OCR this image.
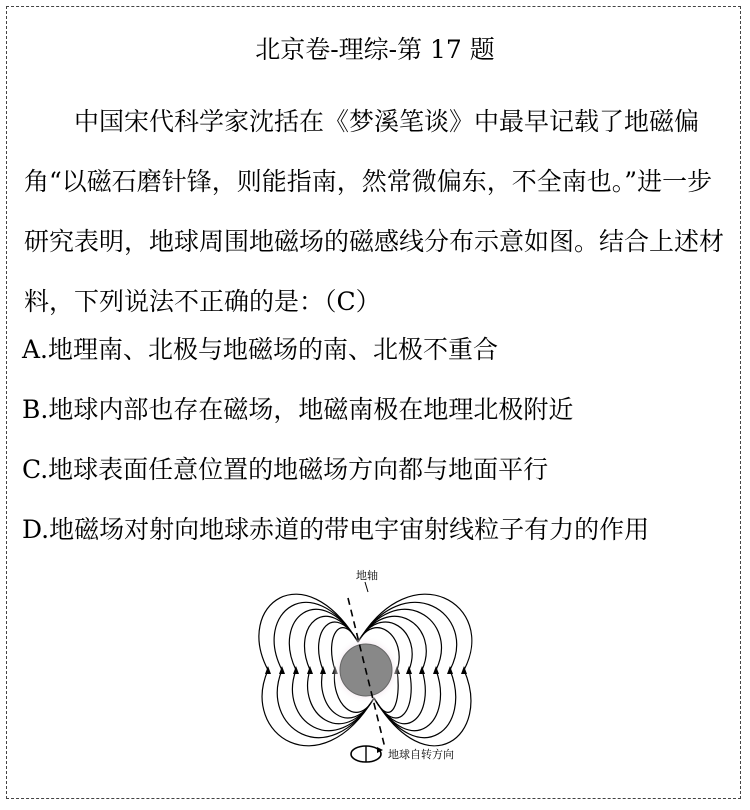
北京卷-理综-第 17 题
中国宋代科学家沈括在《梦溪笔谈》中最早记载了地磁偏角“以磁石磨针锋，则能指南，然常微偏东，不全南也。”进一步研究表明，地球周围地磁场的磁感线分布示意如图。结合上述材料，下列说法不正确的是：（C）
A.地理南、北极与地磁场的南、北极不重合
B.地球内部也存在磁场，地磁南极在地理北极附近
C.地球表面任意位置的地磁场方向都与地面平行
D.地磁场对射向地球赤道的带电宇宙射线粒子有力的作用
地轴
地球自转方向
